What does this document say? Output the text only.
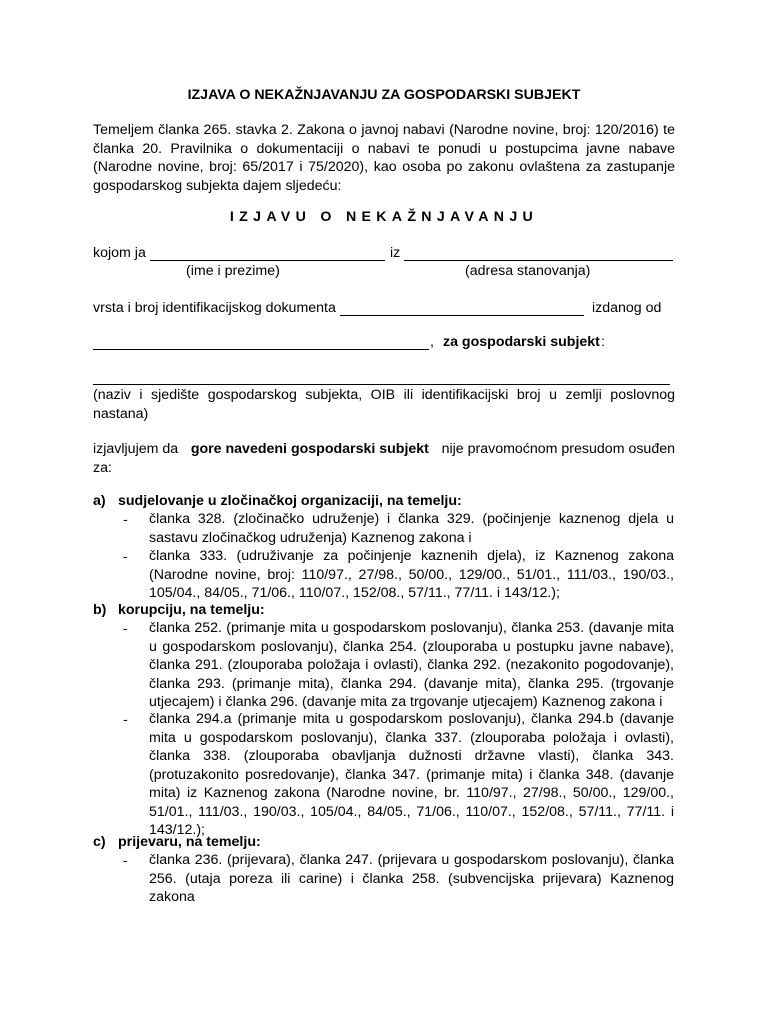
IZJAVA O NEKAŽNJAVANJU ZA GOSPODARSKI SUBJEKT
Temeljem članka 265. stavka 2. Zakona o javnoj nabavi (Narodne novine, broj: 120/2016) te
članka 20. Pravilnika o dokumentaciji o nabavi te ponudi u postupcima javne nabave
(Narodne novine, broj: 65/2017 i 75/2020), kao osoba po zakonu ovlaštena za zastupanje
gospodarskog subjekta dajem sljedeću:
IZJAVU O NEKAŽNJAVANJU
kojom ja	iz
(ime i prezime)	(adresa stanovanja)
vrsta i broj identifikacijskog dokumenta	izdanog od
, za gospodarski subjekt :
(naziv i sjedište gospodarskog subjekta, OIB ili identifikacijski broj u zemlji poslovnog
nastana)
izjavljujem da gore navedeni gospodarski subjekt nije pravomoćnom presudom osuđen
za:
a) sudjelovanje u zločinačkoj organizaciji, na temelju:
- članka 328. (zločinačko udruženje) i članka 329. (počinjenje kaznenog djela u
sastavu zločinačkog udruženja) Kaznenog zakona i
- članka 333. (udruživanje za počinjenje kaznenih djela), iz Kaznenog zakona
(Narodne novine, broj: 110/97., 27/98., 50/00., 129/00., 51/01., 111/03., 190/03.,
105/04., 84/05., 71/06., 110/07., 152/08., 57/11., 77/11. i 143/12.);
b) korupciju, na temelju:
- članka 252. (primanje mita u gospodarskom poslovanju), članka 253. (davanje mita
u gospodarskom poslovanju), članka 254. (zlouporaba u postupku javne nabave),
članka 291. (zlouporaba položaja i ovlasti), članka 292. (nezakonito pogodovanje),
članka 293. (primanje mita), članka 294. (davanje mita), članka 295. (trgovanje
utjecajem) i članka 296. (davanje mita za trgovanje utjecajem) Kaznenog zakona i
- članka 294.a (primanje mita u gospodarskom poslovanju), članka 294.b (davanje
mita u gospodarskom poslovanju), članka 337. (zlouporaba položaja i ovlasti),
članka 338. (zlouporaba obavljanja dužnosti državne vlasti), članka 343.
(protuzakonito posredovanje), članka 347. (primanje mita) i članka 348. (davanje
mita) iz Kaznenog zakona (Narodne novine, br. 110/97., 27/98., 50/00., 129/00.,
51/01., 111/03., 190/03., 105/04., 84/05., 71/06., 110/07., 152/08., 57/11., 77/11. i
143/12.);
c) prijevaru, na temelju:
- članka 236. (prijevara), članka 247. (prijevara u gospodarskom poslovanju), članka
256. (utaja poreza ili carine) i članka 258. (subvencijska prijevara) Kaznenog
zakona
